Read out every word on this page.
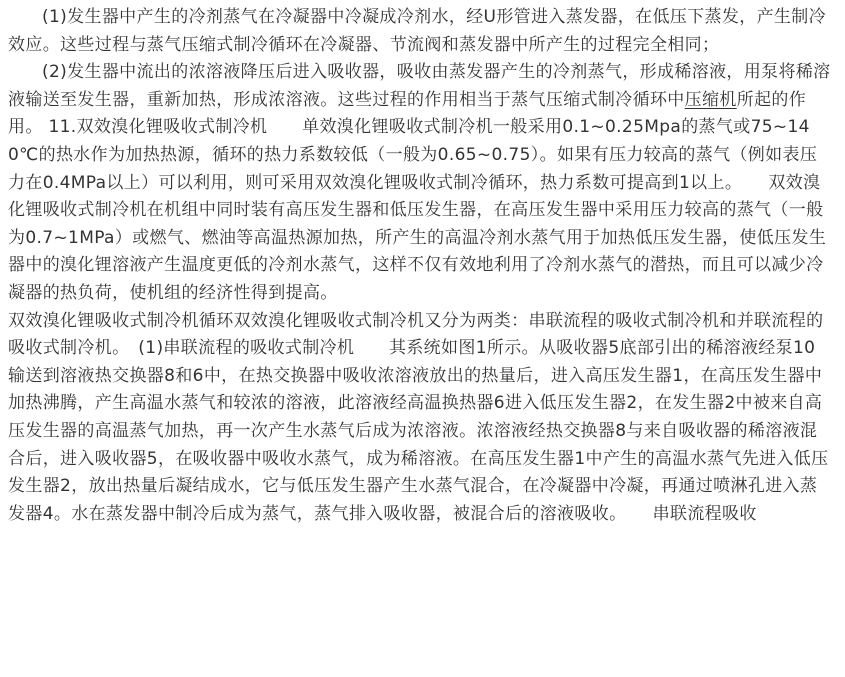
(1)发生器中产生的冷剂蒸气在冷凝器中冷凝成冷剂水，经U形管进入蒸发器，在低压下蒸发，产生制冷效应。这些过程与蒸气压缩式制冷循环在冷凝器、节流阀和蒸发器中所产生的过程完全相同；

(2)发生器中流出的浓溶液降压后进入吸收器，吸收由蒸发器产生的冷剂蒸气，形成稀溶液，用泵将稀溶液输送至发生器，重新加热，形成浓溶液。这些过程的作用相当于蒸气压缩式制冷循环中压缩机所起的作用。 11.双效溴化锂吸收式制冷机　　单效溴化锂吸收式制冷机一般采用0.1~0.25Mpa的蒸气或75~140℃的热水作为加热热源，循环的热力系数较低（一般为0.65~0.75）。如果有压力较高的蒸气（例如表压力在0.4MPa以上）可以利用，则可采用双效溴化锂吸收式制冷循环，热力系数可提高到1以上。　　双效溴化锂吸收式制冷机在机组中同时装有高压发生器和低压发生器，在高压发生器中采用压力较高的蒸气（一般为0.7~1MPa）或燃气、燃油等高温热源加热，所产生的高温冷剂水蒸气用于加热低压发生器，使低压发生器中的溴化锂溶液产生温度更低的冷剂水蒸气，这样不仅有效地利用了冷剂水蒸气的潜热，而且可以减少冷凝器的热负荷，使机组的经济性得到提高。

双效溴化锂吸收式制冷机循环双效溴化锂吸收式制冷机又分为两类：串联流程的吸收式制冷机和并联流程的吸收式制冷机。　(1)串联流程的吸收式制冷机　　其系统如图1所示。从吸收器5底部引出的稀溶液经泵10输送到溶液热交换器8和6中，在热交换器中吸收浓溶液放出的热量后，进入高压发生器1，在高压发生器中加热沸腾，产生高温水蒸气和较浓的溶液，此溶液经高温换热器6进入低压发生器2，在发生器2中被来自高压发生器的高温蒸气加热，再一次产生水蒸气后成为浓溶液。浓溶液经热交换器8与来自吸收器的稀溶液混合后，进入吸收器5，在吸收器中吸收水蒸气，成为稀溶液。在高压发生器1中产生的高温水蒸气先进入低压发生器2，放出热量后凝结成水，它与低压发生器产生水蒸气混合，在冷凝器中冷凝，再通过喷淋孔进入蒸发器4。水在蒸发器中制冷后成为蒸气，蒸气排入吸收器，被混合后的溶液吸收。　　串联流程吸收
